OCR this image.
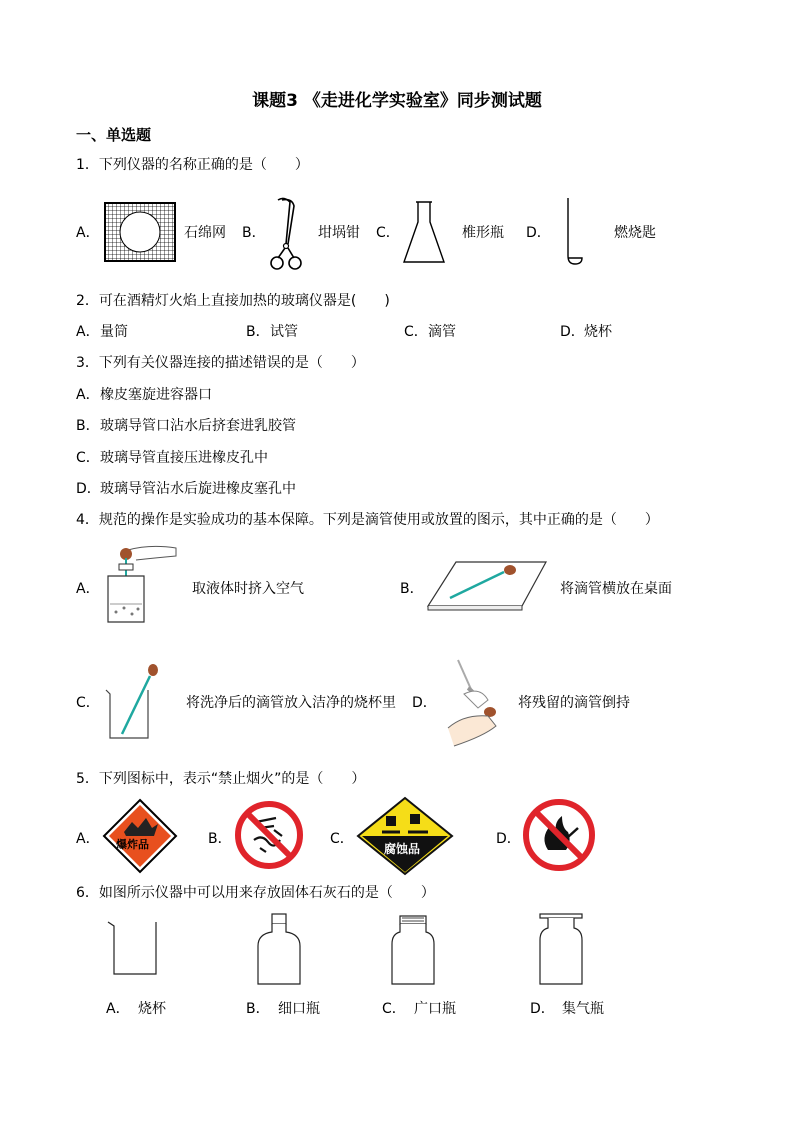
课题3 《走进化学实验室》同步测试题
一、单选题
1．下列仪器的名称正确的是（　　）
A．	石绵网 B．	坩埚钳 C．	椎形瓶 D．	燃烧匙
2．可在酒精灯火焰上直接加热的玻璃仪器是(　　)
A． 量筒	B． 试管	C． 滴管	D． 烧杯
3．下列有关仪器连接的描述错误的是（　　）
A． 橡皮塞旋进容器口
B． 玻璃导管口沾水后挤套进乳胶管
C． 玻璃导管直接压进橡皮孔中
D． 玻璃导管沾水后旋进橡皮塞孔中
4．规范的操作是实验成功的基本保障。下列是滴管使用或放置的图示，其中正确的是（　　）
A．	取液体时挤入空气	B．	将滴管横放在桌面
C．	将洗净后的滴管放入洁净的烧杯里 D．	将残留的滴管倒持
5．下列图标中，表示“禁止烟火”的是（　　）
A． 爆炸品	B．	C．
腐蚀品
D．
6．如图所示仪器中可以用来存放固体石灰石的是（　　）
A． 烧杯	B． 细口瓶	C． 广口瓶	D． 集气瓶
